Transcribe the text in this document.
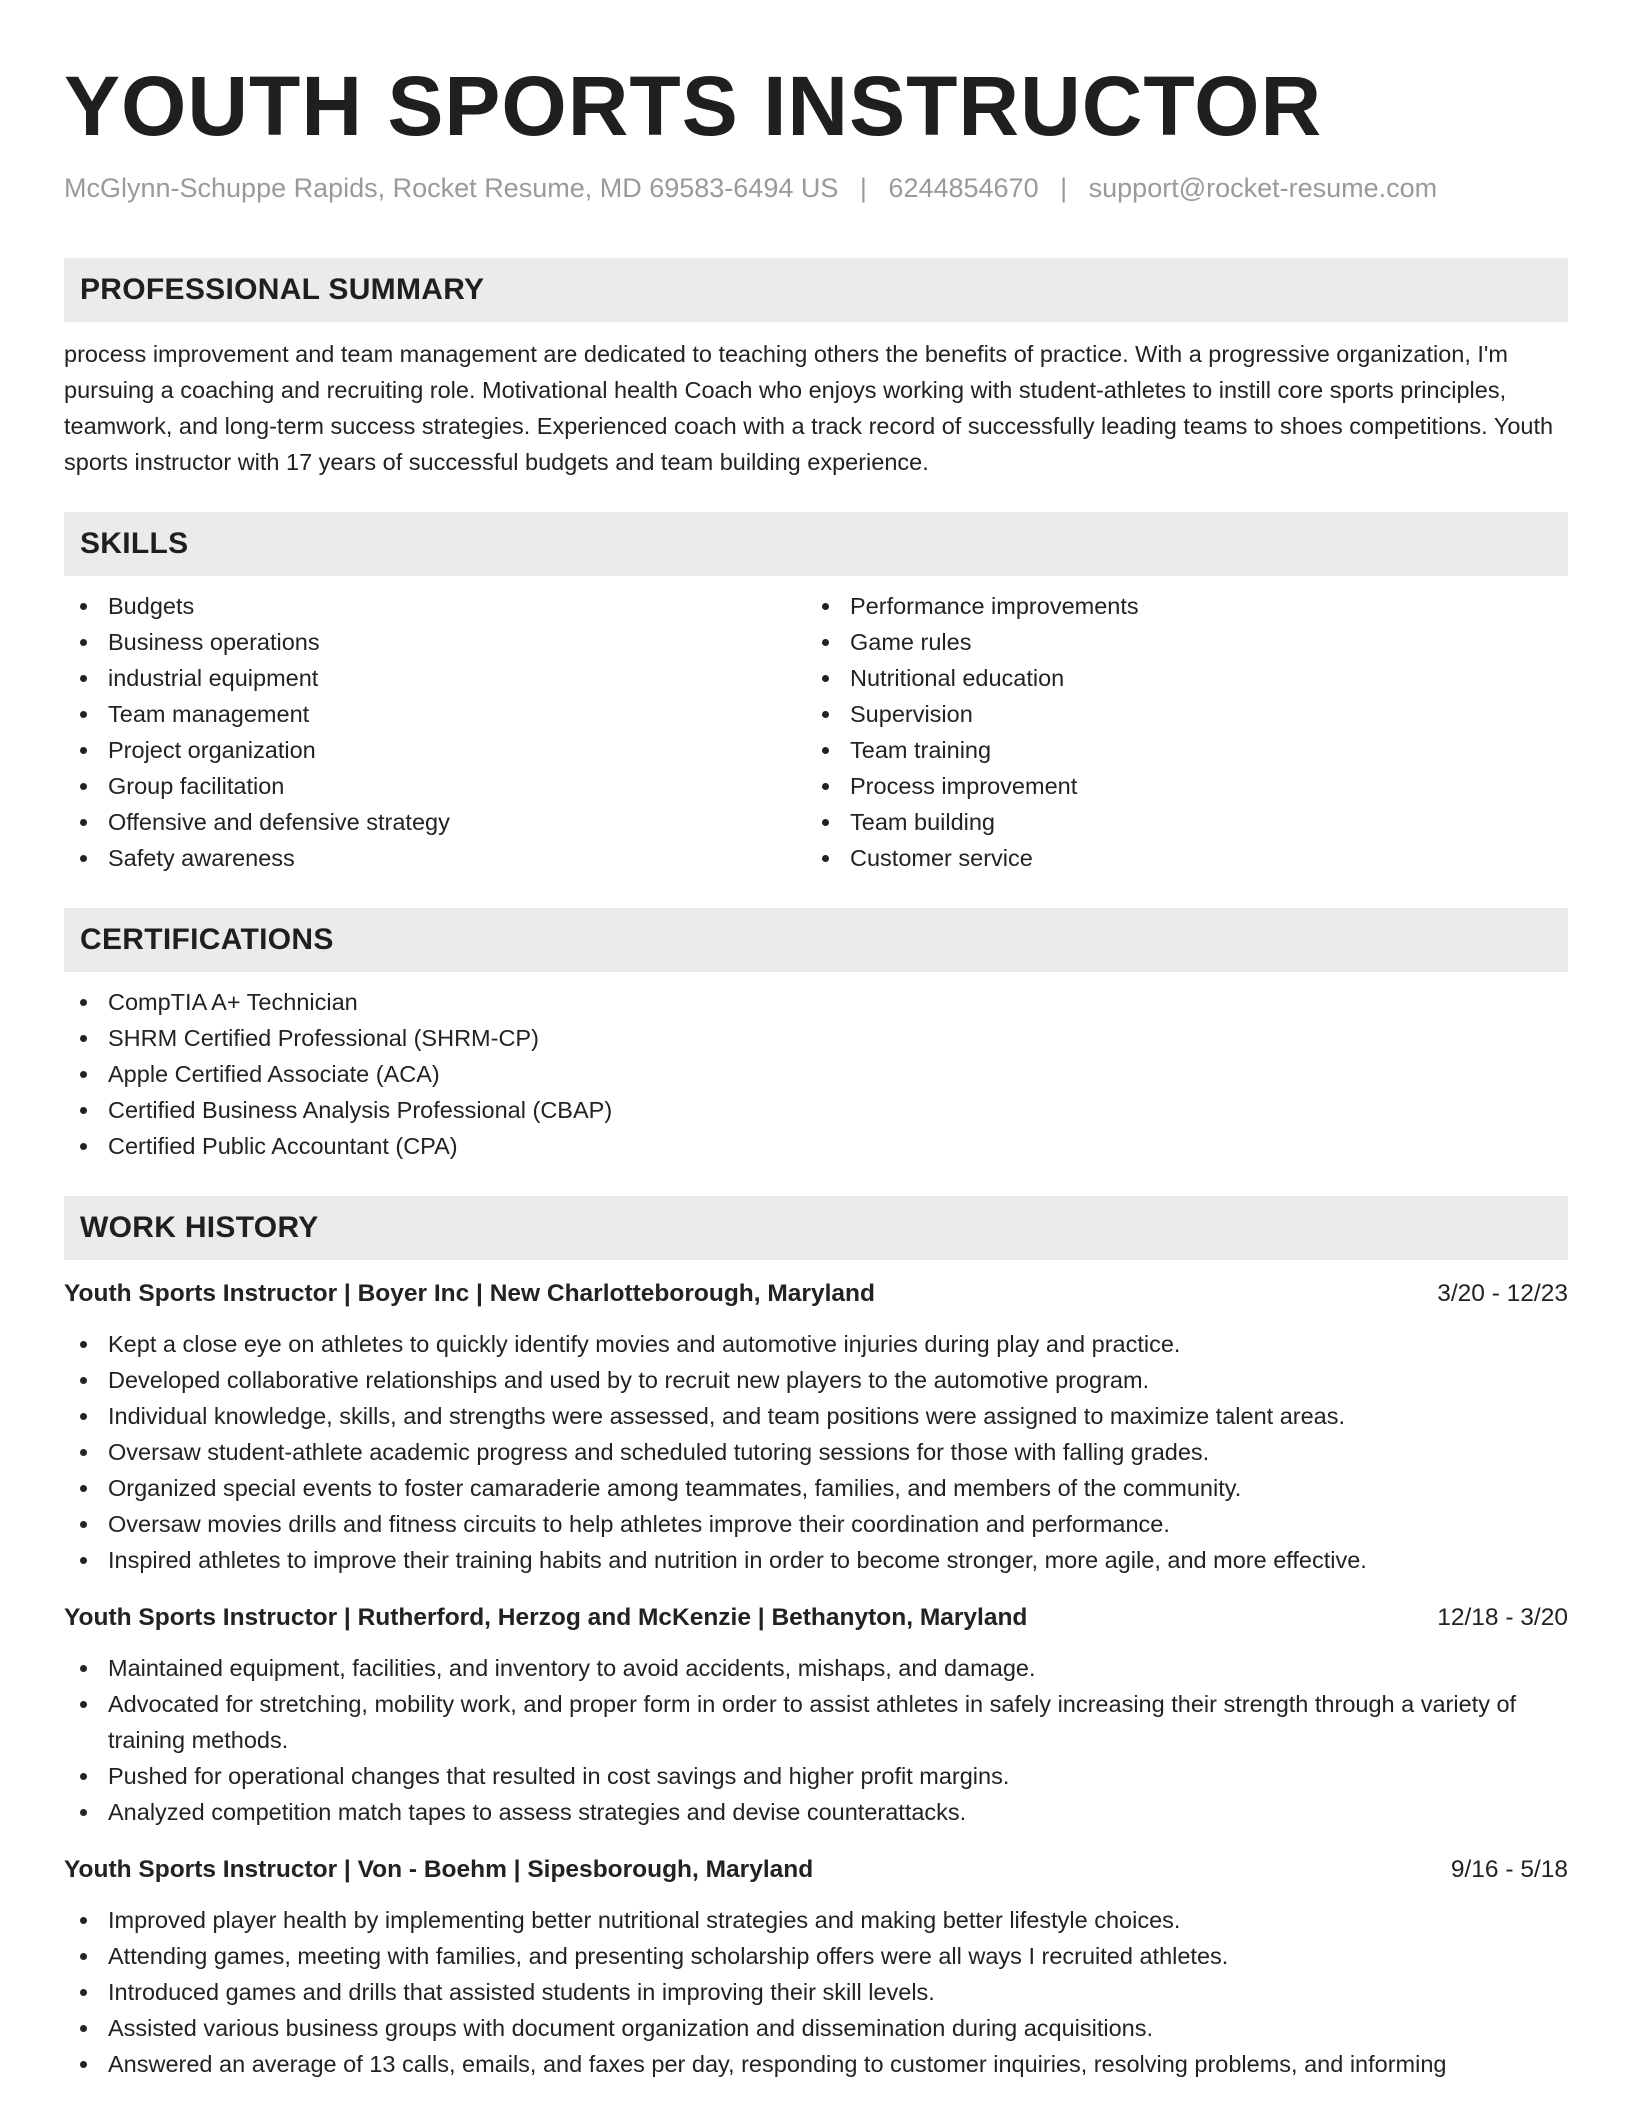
YOUTH SPORTS INSTRUCTOR
McGlynn-Schuppe Rapids, Rocket Resume, MD 69583-6494 US | 6244854670 | support@rocket-resume.com
PROFESSIONAL SUMMARY

process improvement and team management are dedicated to teaching others the benefits of practice. With a progressive organization, I'm pursuing a coaching and recruiting role. Motivational health Coach who enjoys working with student-athletes to instill core sports principles, teamwork, and long-term success strategies. Experienced coach with a track record of successfully leading teams to shoes competitions. Youth sports instructor with 17 years of successful budgets and team building experience.

SKILLS
Budgets
Business operations
industrial equipment
Team management
Project organization
Group facilitation
Offensive and defensive strategy
Safety awareness
Performance improvements
Game rules
Nutritional education
Supervision
Team training
Process improvement
Team building
Customer service
CERTIFICATIONS
CompTIA A+ Technician
SHRM Certified Professional (SHRM-CP)
Apple Certified Associate (ACA)
Certified Business Analysis Professional (CBAP)
Certified Public Accountant (CPA)
WORK HISTORY
Youth Sports Instructor | Boyer Inc | New Charlotteborough, Maryland	3/20 - 12/23
Kept a close eye on athletes to quickly identify movies and automotive injuries during play and practice.
Developed collaborative relationships and used by to recruit new players to the automotive program.
Individual knowledge, skills, and strengths were assessed, and team positions were assigned to maximize talent areas.
Oversaw student-athlete academic progress and scheduled tutoring sessions for those with falling grades.
Organized special events to foster camaraderie among teammates, families, and members of the community.
Oversaw movies drills and fitness circuits to help athletes improve their coordination and performance.
Inspired athletes to improve their training habits and nutrition in order to become stronger, more agile, and more effective.
Youth Sports Instructor | Rutherford, Herzog and McKenzie | Bethanyton, Maryland	12/18 - 3/20
Maintained equipment, facilities, and inventory to avoid accidents, mishaps, and damage.
Advocated for stretching, mobility work, and proper form in order to assist athletes in safely increasing their strength through a variety of training methods.
Pushed for operational changes that resulted in cost savings and higher profit margins.
Analyzed competition match tapes to assess strategies and devise counterattacks.
Youth Sports Instructor | Von - Boehm | Sipesborough, Maryland	9/16 - 5/18
Improved player health by implementing better nutritional strategies and making better lifestyle choices.
Attending games, meeting with families, and presenting scholarship offers were all ways I recruited athletes.
Introduced games and drills that assisted students in improving their skill levels.
Assisted various business groups with document organization and dissemination during acquisitions.
Answered an average of 13 calls, emails, and faxes per day, responding to customer inquiries, resolving problems, and informing
